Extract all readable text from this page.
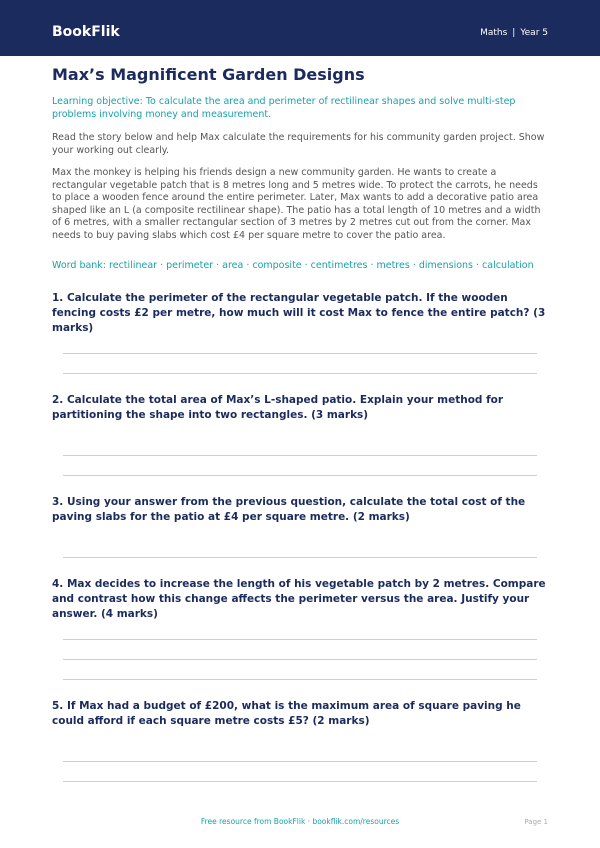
BookFlik	Maths | Year 5
Max’s Magnificent Garden Designs

Learning objective: To calculate the area and perimeter of rectilinear shapes and solve multi-step problems involving money and measurement.

Read the story below and help Max calculate the requirements for his community garden project. Show your working out clearly.

Max the monkey is helping his friends design a new community garden. He wants to create a rectangular vegetable patch that is 8 metres long and 5 metres wide. To protect the carrots, he needs to place a wooden fence around the entire perimeter. Later, Max wants to add a decorative patio area shaped like an L (a composite rectilinear shape). The patio has a total length of 10 metres and a width of 6 metres, with a smaller rectangular section of 3 metres by 2 metres cut out from the corner. Max needs to buy paving slabs which cost £4 per square metre to cover the patio area.

Word bank: rectilinear · perimeter · area · composite · centimetres · metres · dimensions · calculation

1. Calculate the perimeter of the rectangular vegetable patch. If the wooden fencing costs £2 per metre, how much will it cost Max to fence the entire patch? (3 marks)

2. Calculate the total area of Max’s L-shaped patio. Explain your method for partitioning the shape into two rectangles. (3 marks)

3. Using your answer from the previous question, calculate the total cost of the paving slabs for the patio at £4 per square metre. (2 marks)

4. Max decides to increase the length of his vegetable patch by 2 metres. Compare and contrast how this change affects the perimeter versus the area. Justify your answer. (4 marks)

5. If Max had a budget of £200, what is the maximum area of square paving he could afford if each square metre costs £5? (2 marks)

Free resource from BookFlik · bookflik.com/resources	Page 1
